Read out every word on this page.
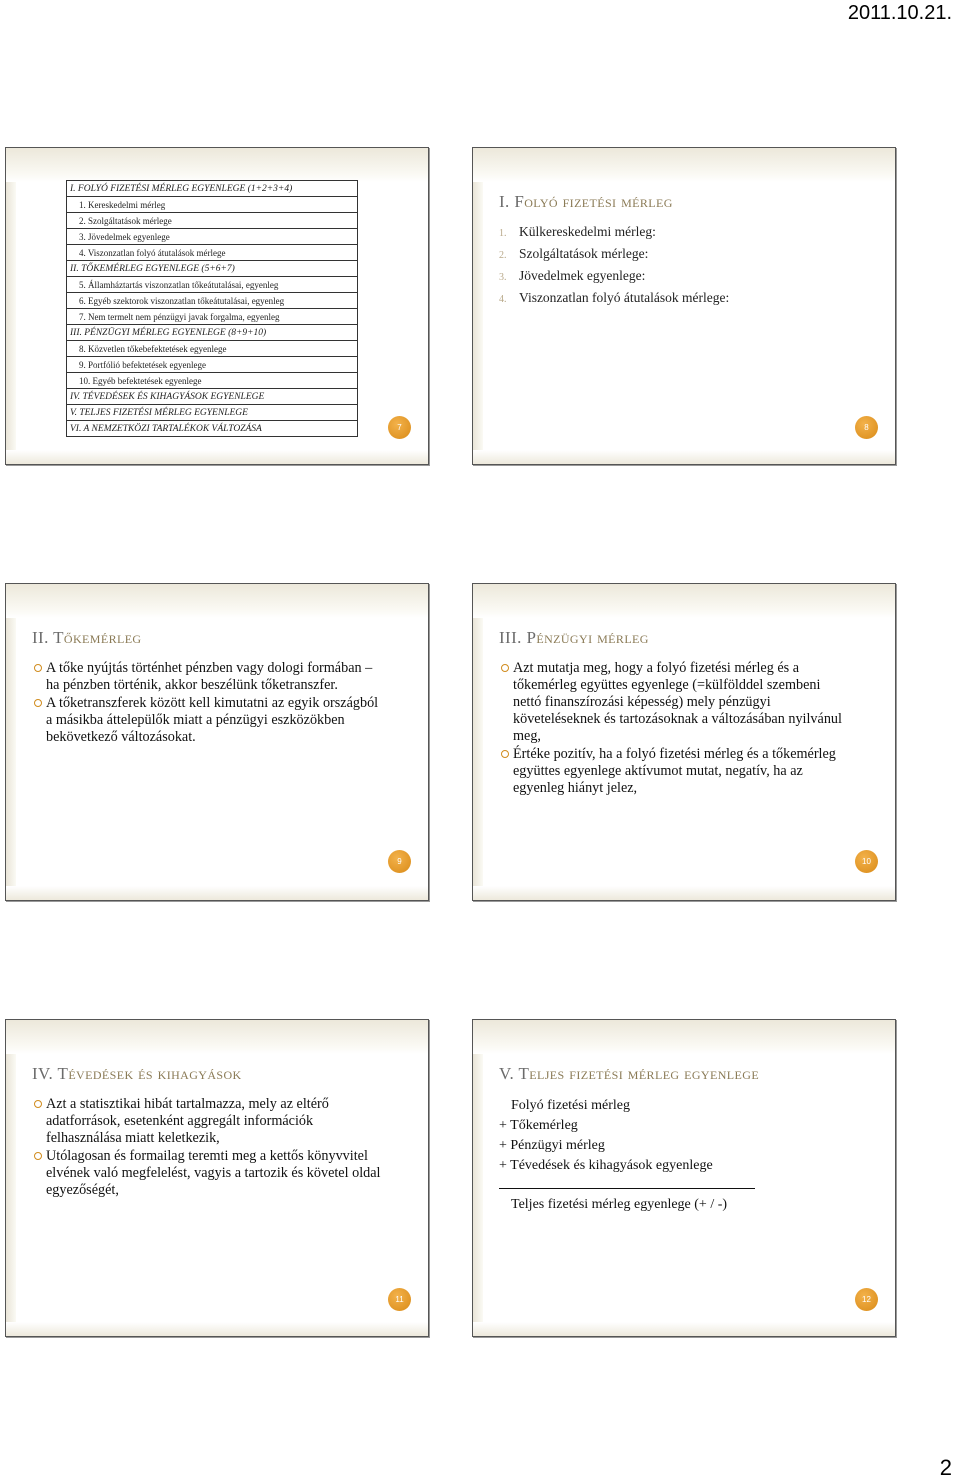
2011.10.21.
I. FOLYÓ FIZETÉSI MÉRLEG EGYENLEGE (1+2+3+4)
1. Kereskedelmi mérleg
2. Szolgáltatások mérlege
3. Jövedelmek egyenlege
4. Viszonzatlan folyó átutalások mérlege
II. TŐKEMÉRLEG EGYENLEGE (5+6+7)
5. Államháztartás viszonzatlan tőkeátutalásai, egyenleg
6. Egyéb szektorok viszonzatlan tőkeátutalásai, egyenleg
7. Nem termelt nem pénzügyi javak forgalma, egyenleg
III. PÉNZÜGYI MÉRLEG EGYENLEGE (8+9+10)
8. Közvetlen tőkebefektetések egyenlege
9. Portfólió befektetések egyenlege
10. Egyéb befektetések egyenlege
IV. TÉVEDÉSEK ÉS KIHAGYÁSOK EGYENLEGE
V. TELJES FIZETÉSI MÉRLEG EGYENLEGE
VI. A NEMZETKÖZI TARTALÉKOK VÁLTOZÁSA	7
I. Folyó fizetési mérleg
1. Külkereskedelmi mérleg:
2. Szolgáltatások mérlege:
3. Jövedelmek egyenlege:
4. Viszonzatlan folyó átutalások mérlege:
8
II. Tőkemérleg
A tőke nyújtás történhet pénzben vagy dologi formában – ha pénzben történik, akkor beszélünk tőketranszfer.
A tőketranszferek között kell kimutatni az egyik országból a másikba áttelepülők miatt a pénzügyi eszközökben bekövetkező változásokat.
9
III. Pénzügyi mérleg
Azt mutatja meg, hogy a folyó fizetési mérleg és a tőkemérleg együttes egyenlege (=külfölddel szembeni nettó finanszírozási képesség) mely pénzügyi követeléseknek és tartozásoknak a változásában nyilvánul meg,
Értéke pozitív, ha a folyó fizetési mérleg és a tőkemérleg együttes egyenlege aktívumot mutat, negatív, ha az egyenleg hiányt jelez,
10
IV. Tévedések és kihagyások
Azt a statisztikai hibát tartalmazza, mely az eltérő adatforrások, esetenként aggregált információk felhasználása miatt keletkezik,
Utólagosan és formailag teremti meg a kettős könyvvitel elvének való megfelelést, vagyis a tartozik és követel oldal egyezőségét,
11
V. Teljes fizetési mérleg egyenlege
Folyó fizetési mérleg
+ Tőkemérleg
+ Pénzügyi mérleg
+ Tévedések és kihagyások egyenlege
Teljes fizetési mérleg egyenlege (+ / -)
12
2
